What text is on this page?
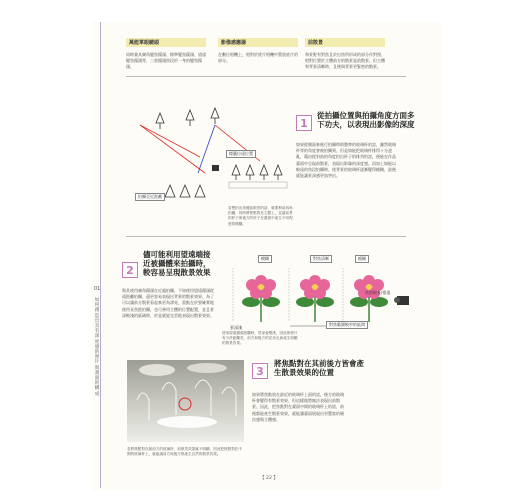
萬能單眼鏡頭
同時兼具廣角變焦鏡頭、標準變焦鏡頭、望遠變焦鏡頭等，三款鏡頭焦段於一身的變焦鏡頭。
影像感應器
在數位相機上，相對於底片相機中置放底片的部分。
前散景
和景野有對焦且於出焦所形成的部分作對照，相對位置於主體前方的散景是前散景，但主體和背景清晰時，且後與背景更緊密的散景。
標籤拉遠位置
拍攝至近距離
若想拍出美麗前散景的話，就要利用斜角拍攝，同時將焦點對在主體上，並讓前景的杯子與後方的杯子在畫面中產生不同程度的模糊。
1
從拍攝位置與拍攝角度方面多下功夫，以表現出影像的深度
如果從側面來進行拍攝時則整齊的玻璃杯的話，雖然玻璃杯等的角度會被拍攝到。但是如能把玻璃杯排得十分凌亂，藉由從斜前的角度拍出杯子的排列的話，便能在作品畫面中呈現前散景，表現出影像的深度感。再加上如能以較遠的焦段拍攝時，使背景的玻璃杯逐漸變得模糊，最後就能讓景深感更加突出。
2
儘可能利用望遠端接近被攝體來拍攝時，較容易呈現散景效果
與其使用廣角鏡頭在近處拍攝，不如使用望遠鏡頭從遠距離拍攝，還更容易表現出背景的散景效果。為了可以讓前方散景看起來更為漂亮，重點在於要確實地使用長焦距拍攝，也可善用主體的位置配置，並且景深較淺的區域時，於是就能完美地表現出散景效果。
模糊	對焦清晰	模糊
焦距較長/望遠
景深淺
對焦範圍較窄的區間
使用望遠鏡頭拍攝時，景深會變淺，因此即使只有少許距離差，前方和後方的花朵也會產生明顯的散景效果。
3
將焦點對在其前後方皆會產生散景效果的位置
如果將焦點放在最近的玻璃杯上面的話，後方的玻璃杯會變得有散景效果，但這樣做將無法表現出前散景。因此，把焦點對在畫面中間的玻璃杯上的話，前後都能產生散景效果，就能讓畫面展現出更豐富的層次感與立體感。
若將焦點對在最前方的玻璃杯，前散景效果就不明顯，因此把焦點對在中間的玻璃杯上，就能讓前方與後方都產生自然的散景效果。
01
如何創造出具有深度感的照片與畫面的構成
【 22 】
